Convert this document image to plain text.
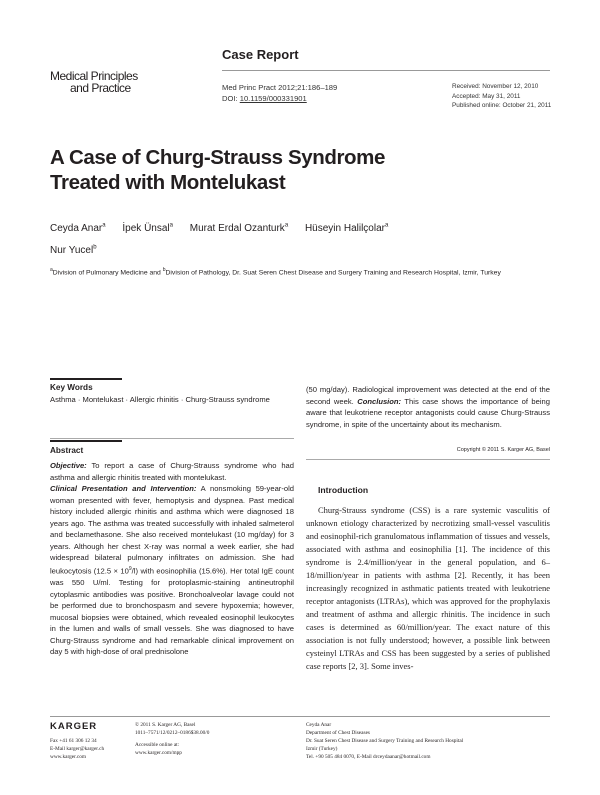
Medical Principles
and Practice
Case Report
Med Princ Pract 2012;21:186–189
DOI: 10.1159/000331901
Received: November 12, 2010
Accepted: May 31, 2011
Published online: October 21, 2011
A Case of Churg-Strauss Syndrome
Treated with Montelukast
Ceyda Anar$^a$ İpek Ünsal$^a$ Murat Erdal Ozanturk$^a$ Hüseyin Halilçolar$^a$
Nur Yucel$^b$
$^a$Division of Pulmonary Medicine and $^b$Division of Pathology, Dr. Suat Seren Chest Disease and Surgery Training and Research Hospital, Izmir, Turkey
Key Words
Asthma · Montelukast · Allergic rhinitis · Churg-Strauss syndrome
Abstract
Objective: To report a case of Churg-Strauss syndrome who had asthma and allergic rhinitis treated with montelukast.
Clinical Presentation and Intervention: A nonsmoking 59-year-old woman presented with fever, hemoptysis and dyspnea. Past medical history included allergic rhinitis and asthma which were diagnosed 18 years ago. The asthma was treated successfully with inhaled salmeterol and beclamethasone. She also received montelukast (10 mg/day) for 3 years. Although her chest X-ray was normal a week earlier, she had widespread bilateral pulmonary infiltrates on admission. She had leukocytosis $(12.5 \times 10^9/l)$ with eosinophilia (15.6%). Her total IgE count was 550 U/ml. Testing for protoplasmic-staining antineutrophil cytoplasmic antibodies was positive. Bronchoalveolar lavage could not be performed due to bronchospasm and severe hypoxemia; however, mucosal biopsies were obtained, which revealed eosinophil leukocytes in the lumen and walls of small vessels. She was diagnosed to have Churg-Strauss syndrome and had remarkable clinical improvement on day 5 with high-dose of oral prednisolone
(50 mg/day). Radiological improvement was detected at the end of the second week. Conclusion: This case shows the importance of being aware that leukotriene receptor antagonists could cause Churg-Strauss syndrome, in spite of the uncertainty about its mechanism.
Copyright © 2011 S. Karger AG, Basel
Introduction
Churg-Strauss syndrome (CSS) is a rare systemic vasculitis of unknown etiology characterized by necrotizing small-vessel vasculitis and eosinophil-rich granulomatous inflammation of tissues and vessels, associated with asthma and eosinophilia [1]. The incidence of this syndrome is 2.4/million/year in the general population, and 6–18/million/year in patients with asthma [2]. Recently, it has been increasingly recognized in asthmatic patients treated with leukotriene receptor antagonists (LTRAs), which was approved for the prophylaxis and treatment of asthma and allergic rhinitis. The incidence in such cases is determined as 60/million/year. The exact nature of this association is not fully understood; however, a possible link between cysteinyl LTRAs and CSS has been suggested by a series of published case reports [2, 3]. Some inves-
KARGER
Fax +41 61 306 12 34
E-Mail karger@karger.ch
www.karger.com
© 2011 S. Karger AG, Basel
1011–7571/12/0212–0186$38.00/0
Accessible online at:
www.karger.com/mpp
Ceyda Anar
Department of Chest Diseases
Dr. Suat Seren Chest Disease and Surgery Training and Research Hospital
Izmir (Turkey)
Tel. +90 505 484 0070, E-Mail drceydaanar@hotmail.com
